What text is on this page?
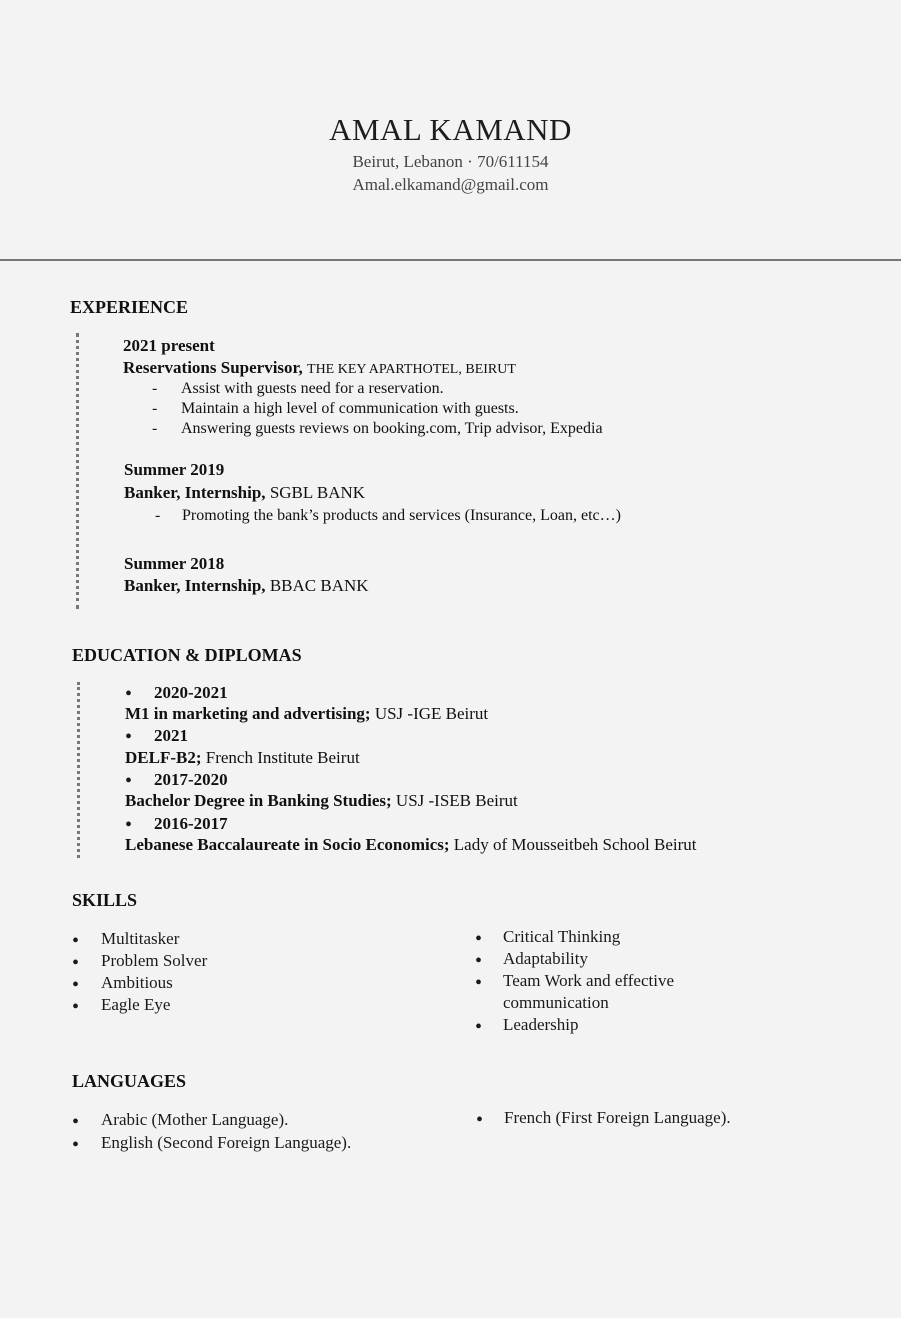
AMAL KAMAND
Beirut, Lebanon · 70/611154
Amal.elkamand@gmail.com
EXPERIENCE
2021 present
Reservations Supervisor, THE KEY APARTHOTEL, BEIRUT
- Assist with guests need for a reservation.
- Maintain a high level of communication with guests.
- Answering guests reviews on booking.com, Trip advisor, Expedia
Summer 2019
Banker, Internship, SGBL BANK
- Promoting the bank’s products and services (Insurance, Loan, etc…)
Summer 2018
Banker, Internship, BBAC BANK
EDUCATION & DIPLOMAS
• 2020-2021
M1 in marketing and advertising; USJ -IGE Beirut
• 2021
DELF-B2; French Institute Beirut
• 2017-2020
Bachelor Degree in Banking Studies; USJ -ISEB Beirut
• 2016-2017
Lebanese Baccalaureate in Socio Economics; Lady of Mousseitbeh School Beirut
SKILLS
• Multitasker
• Problem Solver
• Ambitious
• Eagle Eye
• Critical Thinking
• Adaptability
• Team Work and effective
communication
• Leadership
LANGUAGES
• Arabic (Mother Language).
• English (Second Foreign Language).
• French (First Foreign Language).
